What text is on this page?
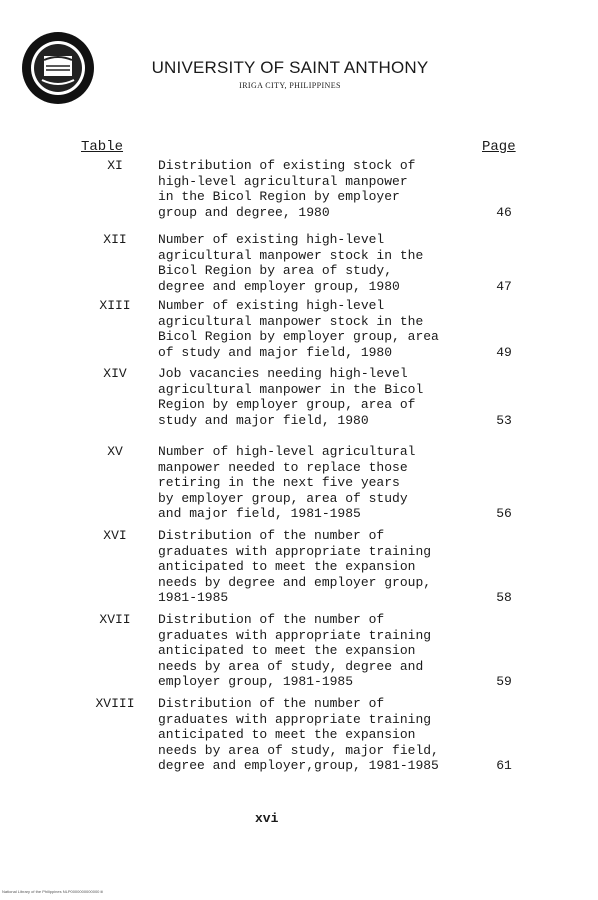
UNIVERSITY OF SAINT ANTHONY
IRIGA CITY, PHILIPPINES
Table	Page
XI	Distribution of existing stock of
high-level agricultural manpower
in the Bicol Region by employer
group and degree, 1980	46
XII	Number of existing high-level
agricultural manpower stock in the
Bicol Region by area of study,
degree and employer group, 1980	47
XIII	Number of existing high-level
agricultural manpower stock in the
Bicol Region by employer group, area
of study and major field, 1980	49
XIV	Job vacancies needing high-level
agricultural manpower in the Bicol
Region by employer group, area of
study and major field, 1980	53
XV	Number of high-level agricultural
manpower needed to replace those
retiring in the next five years
by employer group, area of study
and major field, 1981-1985	56
XVI	Distribution of the number of
graduates with appropriate training
anticipated to meet the expansion
needs by degree and employer group,
1981-1985	58
XVII	Distribution of the number of
graduates with appropriate training
anticipated to meet the expansion
needs by area of study, degree and
employer group, 1981-1985	59
XVIII	Distribution of the number of
graduates with appropriate training
anticipated to meet the expansion
needs by area of study, major field,
degree and employer,group, 1981-1985	61
xvi
National Library of the Philippines NLP0000000000000 iii
